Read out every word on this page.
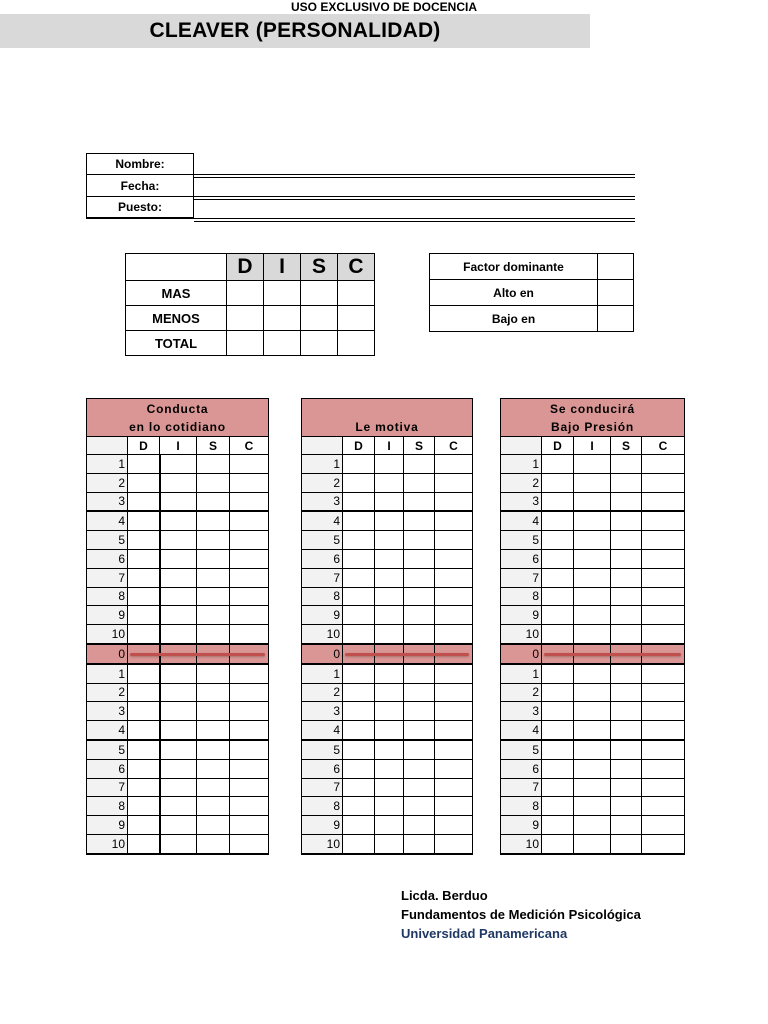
USO EXCLUSIVO DE DOCENCIA
CLEAVER (PERSONALIDAD)
Nombre:
Fecha:
Puesto:
	D	I	S	C
MAS				
MENOS				
TOTAL				
Factor dominante	
Alto en	
Bajo en	
Conducta
en lo cotidiano				

	D	I	S	C
1				
2				
3				
4				
5				
6				
7				
8				
9				
10				
0				
1				
2				
3				
4				
5				
6				
7				
8				
9				
10				
Le motiva				

	D	I	S	C
1				
2				
3				
4				
5				
6				
7				
8				
9				
10				
0				
1				
2				
3				
4				
5				
6				
7				
8				
9				
10				
Se conducirá
Bajo Presión				

	D	I	S	C
1				
2				
3				
4				
5				
6				
7				
8				
9				
10				
0				
1				
2				
3				
4				
5				
6				
7				
8				
9				
10				
Licda. Berduo
Fundamentos de Medición Psicológica
Universidad Panamericana
